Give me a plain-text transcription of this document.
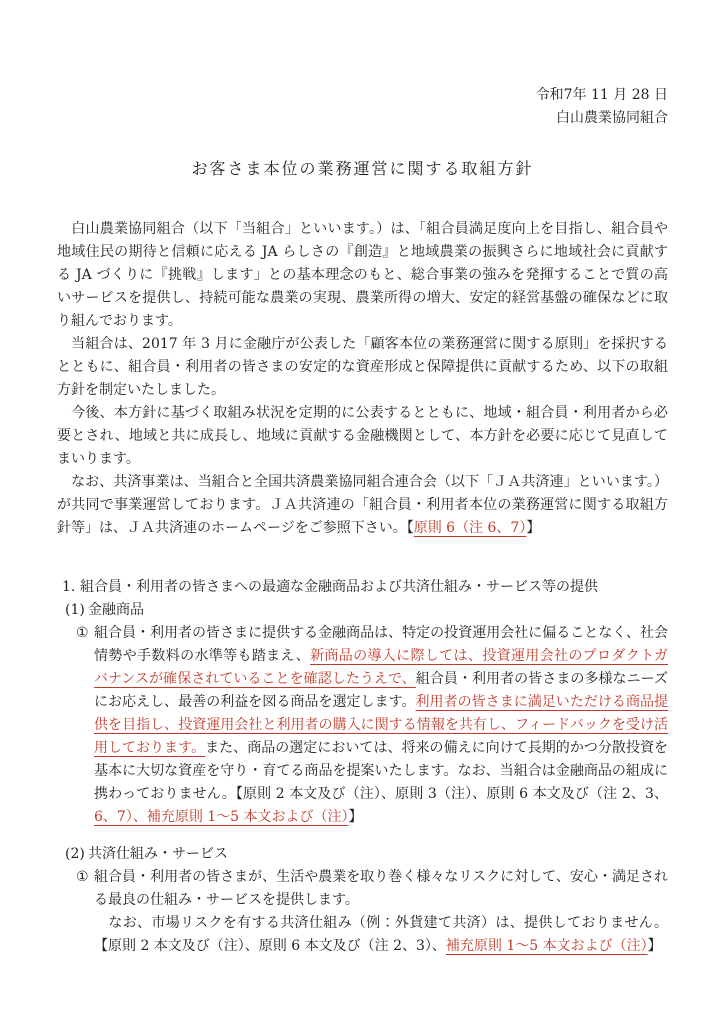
令和7年 11 月 28 日
白山農業協同組合
お客さま本位の業務運営に関する取組方針

　白山農業協同組合（以下「当組合」といいます。）は、「組合員満足度向上を目指し、組合員や地域住民の期待と信頼に応える JA らしさの『創造』と地域農業の振興さらに地域社会に貢献する JA づくりに『挑戦』します」との基本理念のもと、総合事業の強みを発揮することで質の高いサービスを提供し、持続可能な農業の実現、農業所得の増大、安定的経営基盤の確保などに取り組んでおります。

　当組合は、2017 年 3 月に金融庁が公表した「顧客本位の業務運営に関する原則」を採択するとともに、組合員・利用者の皆さまの安定的な資産形成と保障提供に貢献するため、以下の取組方針を制定いたしました。

　今後、本方針に基づく取組み状況を定期的に公表するとともに、地域・組合員・利用者から必要とされ、地域と共に成長し、地域に貢献する金融機関として、本方針を必要に応じて見直してまいります。

　なお、共済事業は、当組合と全国共済農業協同組合連合会（以下「ＪＡ共済連」といいます。）が共同で事業運営しております。ＪＡ共済連の「組合員・利用者本位の業務運営に関する取組方針等」は、ＪＡ共済連のホームページをご参照下さい。【原則 6（注 6、7）】

1. 組合員・利用者の皆さまへの最適な金融商品および共済仕組み・サービス等の提供

(1) 金融商品

① 組合員・利用者の皆さまに提供する金融商品は、特定の投資運用会社に偏ることなく、社会情勢や手数料の水準等も踏まえ、新商品の導入に際しては、投資運用会社のプロダクトガバナンスが確保されていることを確認したうえで、組合員・利用者の皆さまの多様なニーズにお応えし、最善の利益を図る商品を選定します。利用者の皆さまに満足いただける商品提供を目指し、投資運用会社と利用者の購入に関する情報を共有し、フィードバックを受け活用しております。また、商品の選定においては、将来の備えに向けて長期的かつ分散投資を基本に大切な資産を守り・育てる商品を提案いたします。なお、当組合は金融商品の組成に携わっておりません。【原則 2 本文及び（注）、原則 3（注）、原則 6 本文及び（注 2、3、6、7）、補充原則 1～5 本文および（注）】

(2) 共済仕組み・サービス

① 組合員・利用者の皆さまが、生活や農業を取り巻く様々なリスクに対して、安心・満足される最良の仕組み・サービスを提供します。

　なお、市場リスクを有する共済仕組み（例：外貨建て共済）は、提供しておりません。【原則 2 本文及び（注）、原則 6 本文及び（注 2、3）、補充原則 1～5 本文および（注）】
